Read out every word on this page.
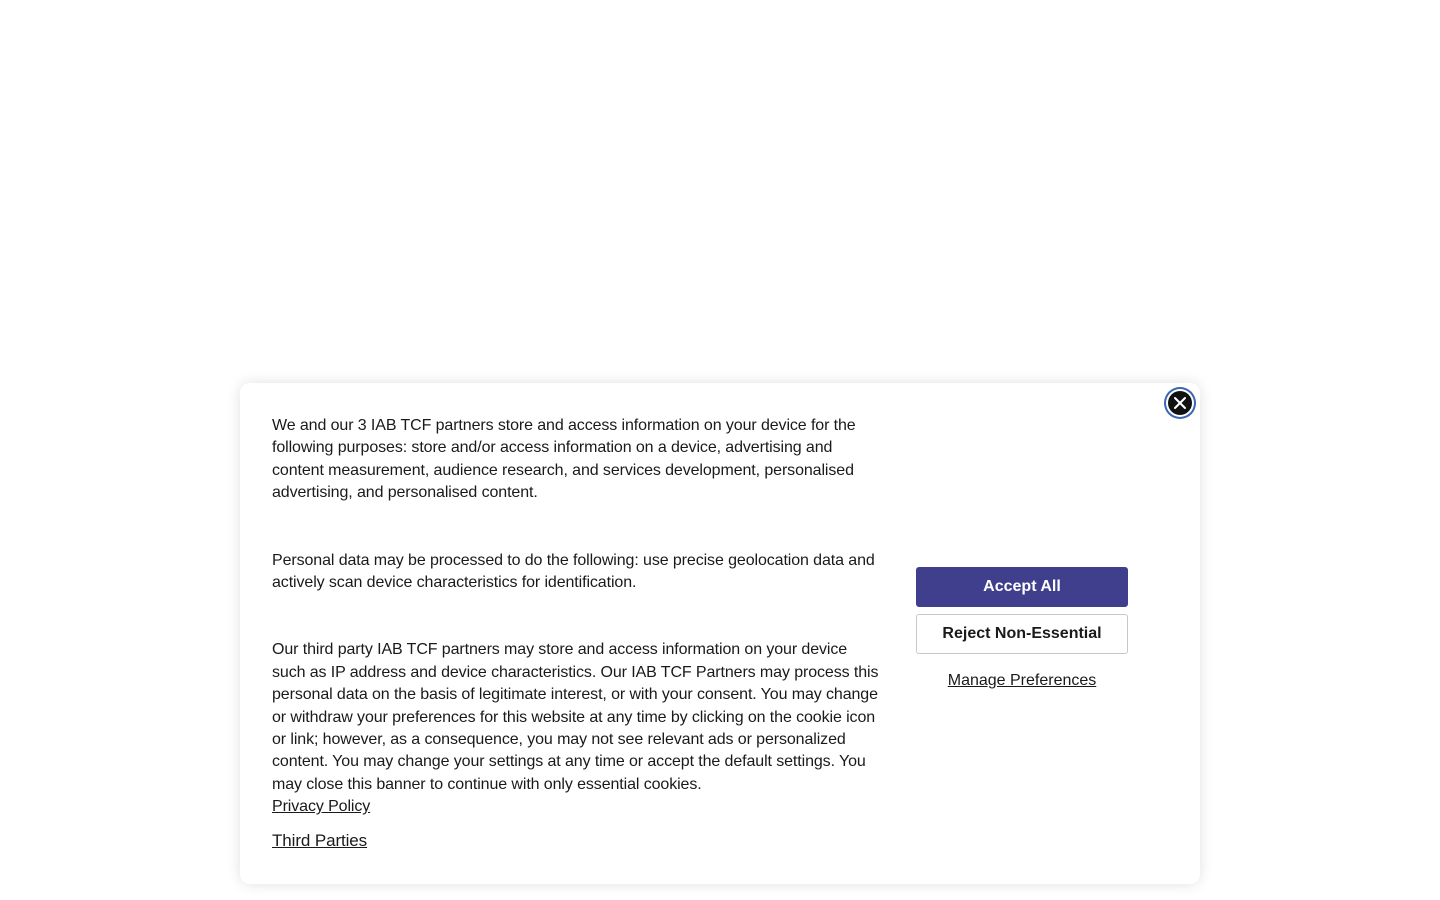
We and our 3 IAB TCF partners store and access information on your device for the following purposes: store and/or access information on a device, advertising and content measurement, audience research, and services development, personalised advertising, and personalised content.

Personal data may be processed to do the following: use precise geolocation data and actively scan device characteristics for identification.

Our third party IAB TCF partners may store and access information on your device such as IP address and device characteristics. Our IAB TCF Partners may process this personal data on the basis of legitimate interest, or with your consent. You may change or withdraw your preferences for this website at any time by clicking on the cookie icon or link; however, as a consequence, you may not see relevant ads or personalized content. You may change your settings at any time or accept the default settings. You may close this banner to continue with only essential cookies.

Privacy Policy
Third Parties
Accept All
Reject Non-Essential
Manage Preferences
